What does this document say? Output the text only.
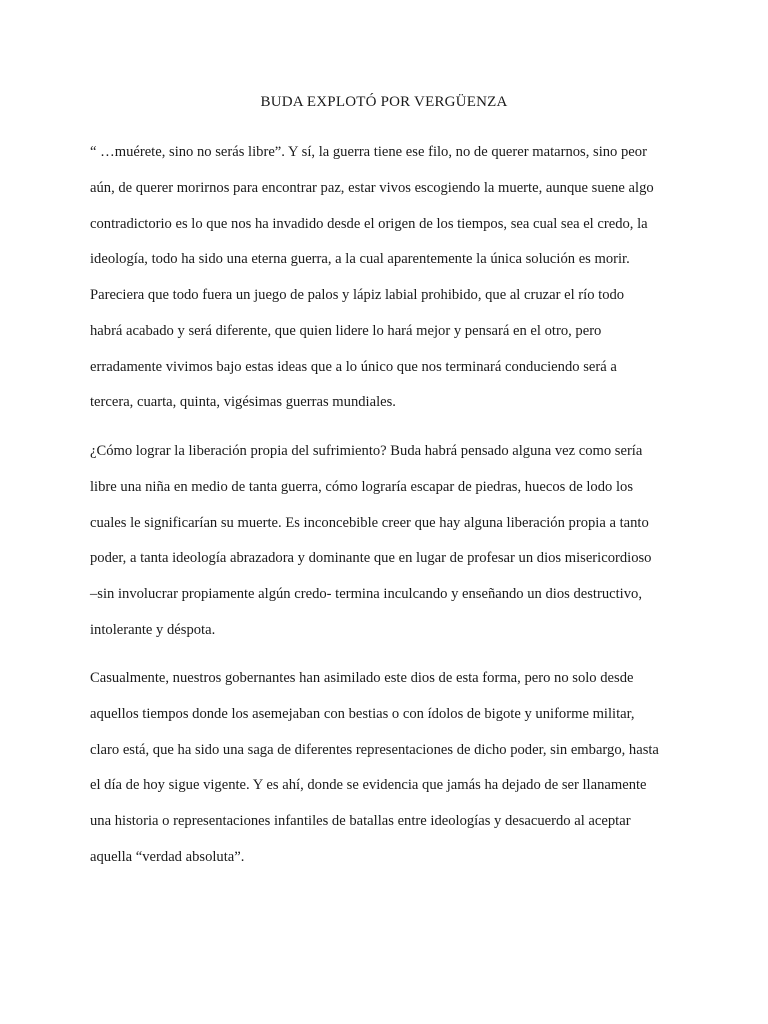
BUDA EXPLOTÓ POR VERGÜENZA
“ …muérete, sino no serás libre”. Y sí, la guerra tiene ese filo, no de querer matarnos, sino peor
aún, de querer morirnos para encontrar paz, estar vivos escogiendo la muerte, aunque suene algo
contradictorio es lo que nos ha invadido desde el origen de los tiempos, sea cual sea el credo, la
ideología, todo ha sido una eterna guerra, a la cual aparentemente la única solución es morir.
Pareciera que todo fuera un juego de palos y lápiz labial prohibido, que al cruzar el río todo
habrá acabado y será diferente, que quien lidere lo hará mejor y pensará en el otro, pero
erradamente vivimos bajo estas ideas que a lo único que nos terminará conduciendo será a
tercera, cuarta, quinta, vigésimas guerras mundiales.
¿Cómo lograr la liberación propia del sufrimiento? Buda habrá pensado alguna vez como sería
libre una niña en medio de tanta guerra, cómo lograría escapar de piedras, huecos de lodo los
cuales le significarían su muerte. Es inconcebible creer que hay alguna liberación propia a tanto
poder, a tanta ideología abrazadora y dominante que en lugar de profesar un dios misericordioso
–sin involucrar propiamente algún credo- termina inculcando y enseñando un dios destructivo,
intolerante y déspota.
Casualmente, nuestros gobernantes han asimilado este dios de esta forma, pero no solo desde
aquellos tiempos donde los asemejaban con bestias o con ídolos de bigote y uniforme militar,
claro está, que ha sido una saga de diferentes representaciones de dicho poder, sin embargo, hasta
el día de hoy sigue vigente. Y es ahí, donde se evidencia que jamás ha dejado de ser llanamente
una historia o representaciones infantiles de batallas entre ideologías y desacuerdo al aceptar
aquella “verdad absoluta”.
